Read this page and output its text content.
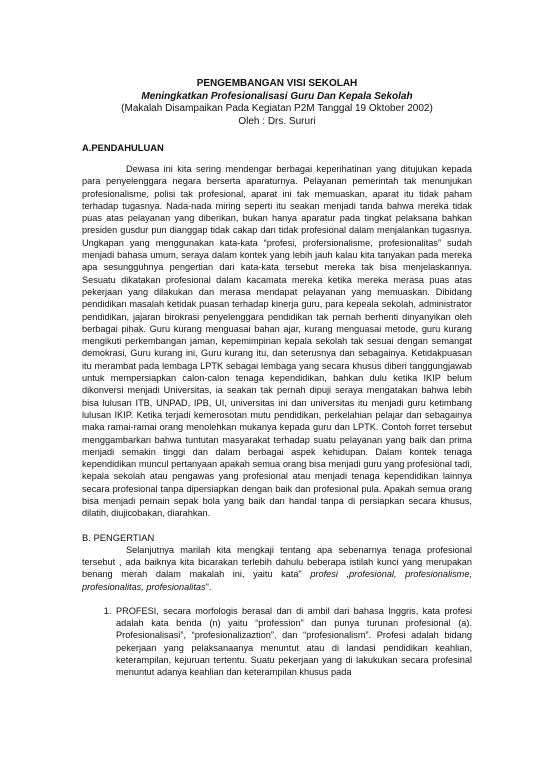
PENGEMBANGAN VISI SEKOLAH
Meningkatkan Profesionalisasi Guru Dan Kepala Sekolah
(Makalah Disampaikan Pada Kegiatan P2M Tanggal 19 Oktober 2002)
Oleh : Drs. Sururi
A.PENDAHULUAN

Dewasa ini kita sering mendengar berbagai keperihatinan yang ditujukan kepada para penyelenggara negara berserta aparaturnya. Pelayanan pemerintah tak menunjukan profesionalisme, polisi tak profesional, aparat ini tak memuaskan, aparat itu tidak paham terhadap tugasnya. Nada-nada miring seperti itu seakan menjadi tanda bahwa mereka tidak puas atas pelayanan yang diberikan, bukan hanya aparatur pada tingkat pelaksana bahkan presiden gusdur pun dianggap tidak cakap dan tidak profesional dalam menjalankan tugasnya. Ungkapan yang menggunakan kata-kata “profesi, profersionalisme, profesionalitas” sudah menjadi bahasa umum, seraya dalam kontek yang lebih jauh kalau kita tanyakan pada mereka apa sesungguhnya pengertian dari kata-kata tersebut mereka tak bisa menjelaskannya. Sesuatu dikatakan profesional dalam kacamata mereka ketika mereka merasa puas atas pekerjaan yang dilakukan dan merasa mendapat pelayanan yang memuaskan. Dibidang pendidikan masalah ketidak puasan terhadap kinerja guru, para kepeala sekolah, administrator pendidikan, jajaran birokrasi penyelenggara pendidikan tak pernah berhenti dinyanyikan oleh berbagai pihak. Guru kurang menguasai bahan ajar, kurang menguasai metode, guru kurang mengikuti perkembangan jaman, kepemimpinan kepala sekolah tak sesuai dengan semangat demokrasi, Guru kurang ini, Guru kurang itu, dan seterusnya dan sebagainya. Ketidakpuasan itu merambat pada lembaga LPTK sebagai lembaga yang secara khusus diberi tanggungjawab untuk mempersiapkan calon-calon tenaga kependidikan, bahkan dulu ketika IKIP belum dikonversi menjadi Universitas, ia seakan tak pernah dipuji seraya mengatakan bahwa lebih bisa lulusan ITB, UNPAD, IPB, UI, universitas ini dan universitas itu menjadi guru ketimbang lulusan IKIP. Ketika terjadi kemerosotan mutu pendidikan, perkelahian pelajar dan sebagainya maka ramai-ramai orang menolehkan mukanya kepada guru dan LPTK. Contoh forret tersebut menggambarkan bahwa tuntutan masyarakat terhadap suatu pelayanan yang baik dan prima menjadi semakin tinggi dan dalam berbagai aspek kehidupan. Dalam kontek tenaga kependidikan muncul pertanyaan apakah semua orang bisa menjadi guru yang profesional tadi, kepala sekolah atau pengawas yang profesional atau menjadi tenaga kependidikan lainnya secara profesional tanpa dipersiapkan dengan baik dan profesional pula. Apakah semua orang bisa menjadi pemain sepak bola yang baik dan handal tanpa di persiapkan secara khusus, dilatih, diujicobakan, diarahkan.

B. PENGERTIAN

Selanjutnya marilah kita mengkaji tentang apa sebenarnya tenaga profesional tersebut , ada baiknya kita bicarakan terlebih dahulu beberapa istilah kunci yang merupakan benang merah dalam makalah ini, yaitu kata" profesi ,profesional, profesionalisme, profesionalitas, profesionalitas".

1. PROFESI, secara morfologis berasal dan di ambil dari bahasa Inggris, kata profesi adalah kata benda (n) yaitu “profession” dan punya turunan profesional (a). Profesionalisasi”, “profesionalizaztion”, dan “profesionalism”. Profesi adalah bidang pekerjaan yang pelaksanaanya menuntut atau di landasi pendidikan keahlian, keterampilan, kejuruan tertentu. Suatu pekerjaan yang di lakukukan secara profesinal menuntut adanya keahlian dan keterampilan khusus pada
